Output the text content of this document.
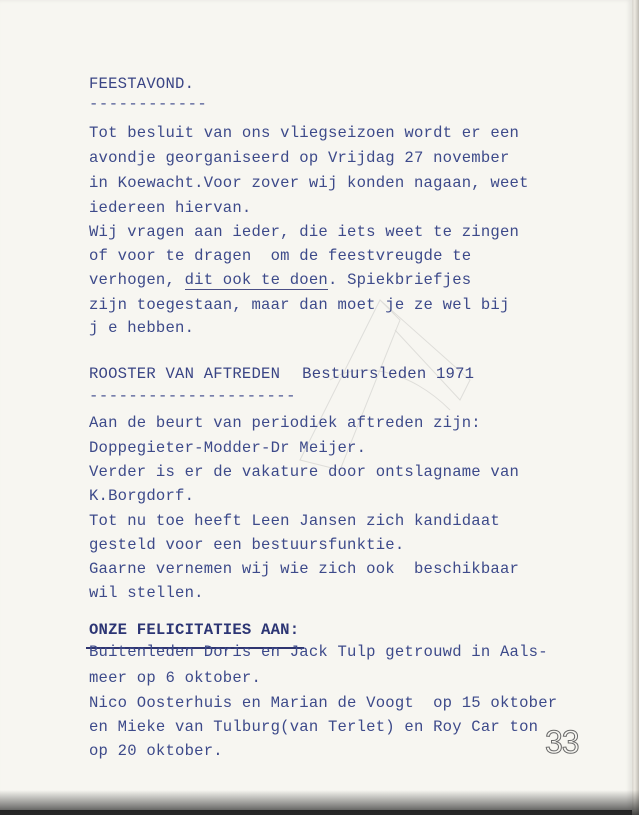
FEESTAVOND.
------------
Tot besluit van ons vliegseizoen wordt er een
avondje georganiseerd op Vrijdag 27 november
in Koewacht.Voor zover wij konden nagaan, weet
iedereen hiervan.
Wij vragen aan ieder, die iets weet te zingen
of voor te dragen  om de feestvreugde te
verhogen, dit ook te doen. Spiekbriefjes
zijn toegestaan, maar dan moet je ze wel bij
j e hebben.
ROOSTER VAN AFTREDEN Bestuursleden 1971
---------------------
Aan de beurt van periodiek aftreden zijn:
Doppegieter-Modder-Dr Meijer.
Verder is er de vakature door ontslagname van
K.Borgdorf.
Tot nu toe heeft Leen Jansen zich kandidaat
gesteld voor een bestuursfunktie.
Gaarne vernemen wij wie zich ook  beschikbaar
wil stellen.
ONZE FELICITATIES AAN:
Buitenleden Doris en Jack Tulp getrouwd in Aals-
meer op 6 oktober.
Nico Oosterhuis en Marian de Voogt  op 15 oktober
en Mieke van Tulburg(van Terlet) en Roy Car ton
op 20 oktober.	33
